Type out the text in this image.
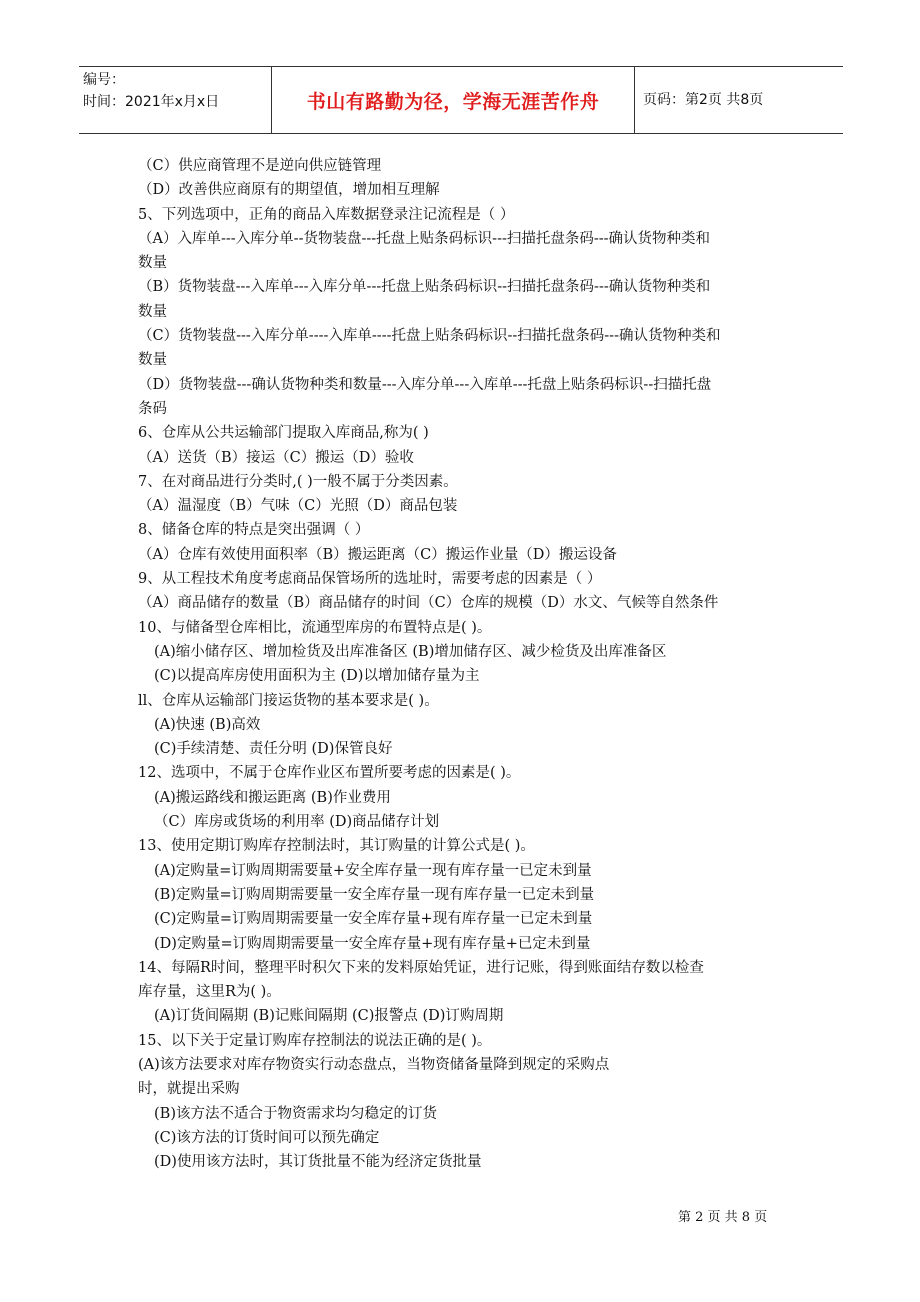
编号：
时间：2021年x月x日	书山有路勤为径，学海无涯苦作舟	页码：第2页 共8页
（C）供应商管理不是逆向供应链管理
（D）改善供应商原有的期望值，增加相互理解
5、下列选项中，正角的商品入库数据登录注记流程是（ ）
（A）入库单---入库分单--货物装盘---托盘上贴条码标识---扫描托盘条码---确认货物种类和
数量
（B）货物装盘---入库单---入库分单---托盘上贴条码标识--扫描托盘条码---确认货物种类和
数量
（C）货物装盘---入库分单----入库单----托盘上贴条码标识--扫描托盘条码---确认货物种类和
数量
（D）货物装盘---确认货物种类和数量---入库分单---入库单---托盘上贴条码标识--扫描托盘
条码
6、仓库从公共运输部门提取入库商品,称为( )
（A）送货（B）接运（C）搬运（D）验收
7、在对商品进行分类时,( )一般不属于分类因素。
（A）温湿度（B）气味（C）光照（D）商品包装
8、储备仓库的特点是突出强调（ ）
（A）仓库有效使用面积率（B）搬运距离（C）搬运作业量（D）搬运设备
9、从工程技术角度考虑商品保管场所的选址时，需要考虑的因素是（ ）
（A）商品储存的数量（B）商品储存的时间（C）仓库的规模（D）水文、气候等自然条件
10、与储备型仓库相比，流通型库房的布置特点是( )。
(A)缩小储存区、增加检货及出库准备区 (B)增加储存区、减少检货及出库准备区
(C)以提高库房使用面积为主 (D)以增加储存量为主
ll、仓库从运输部门接运货物的基本要求是( )。
(A)快速 (B)高效
(C)手续清楚、责任分明 (D)保管良好
12、选项中，不属于仓库作业区布置所要考虑的因素是( )。
(A)搬运路线和搬运距离 (B)作业费用
（C）库房或货场的利用率 (D)商品储存计划
13、使用定期订购库存控制法时，其订购量的计算公式是( )。
(A)定购量=订购周期需要量+安全库存量一现有库存量一已定未到量
(B)定购量=订购周期需要量一安全库存量一现有库存量一已定未到量
(C)定购量=订购周期需要量一安全库存量+现有库存量一已定未到量
(D)定购量=订购周期需要量一安全库存量+现有库存量+已定未到量
14、每隔R时间，整理平时积欠下来的发料原始凭证，进行记账，得到账面结存数以检查
库存量，这里R为( )。
(A)订货间隔期 (B)记账间隔期 (C)报警点 (D)订购周期
15、以下关于定量订购库存控制法的说法正确的是( )。
(A)该方法要求对库存物资实行动态盘点，当物资储备量降到规定的采购点
时，就提出采购
(B)该方法不适合于物资需求均匀稳定的订货
(C)该方法的订货时间可以预先确定
(D)使用该方法时，其订货批量不能为经济定货批量
第 2 页 共 8 页
